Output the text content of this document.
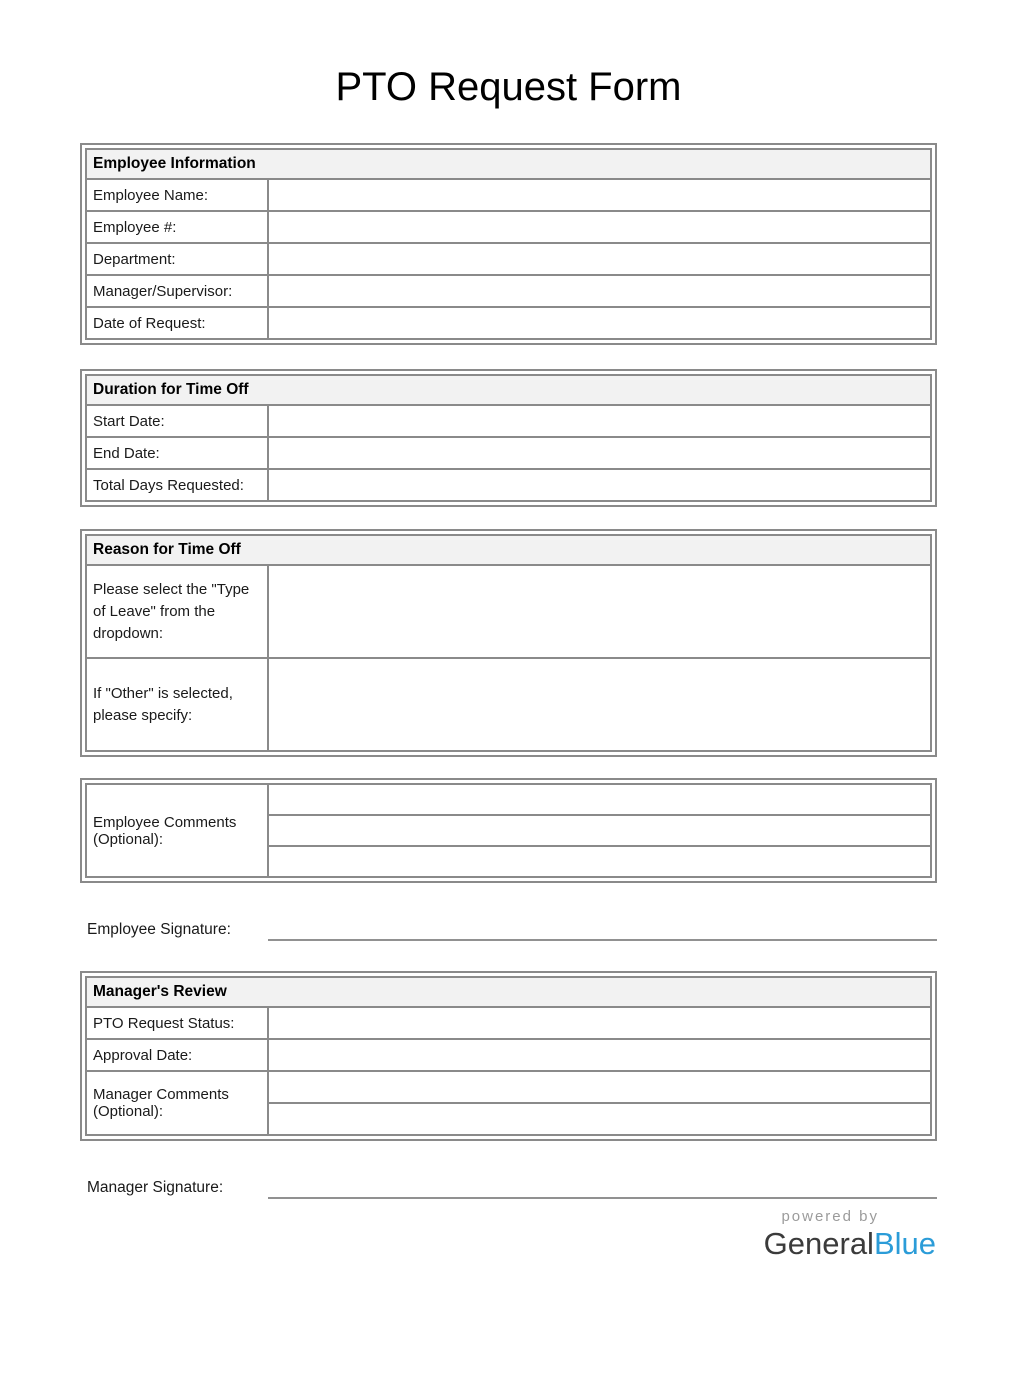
PTO Request Form
Employee Information	
Employee Name:	
Employee #:	
Department:	
Manager/Supervisor:	
Date of Request:	
Duration for Time Off	
Start Date:	
End Date:	
Total Days Requested:	
Reason for Time Off	
Please select the "Type of Leave" from the dropdown:	
If "Other" is selected, please specify:	
Employee Comments (Optional):	

Employee Signature:
Manager's Review	
PTO Request Status:	
Approval Date:	
Manager Comments (Optional):	

Manager Signature:
powered by
GeneralBlue
